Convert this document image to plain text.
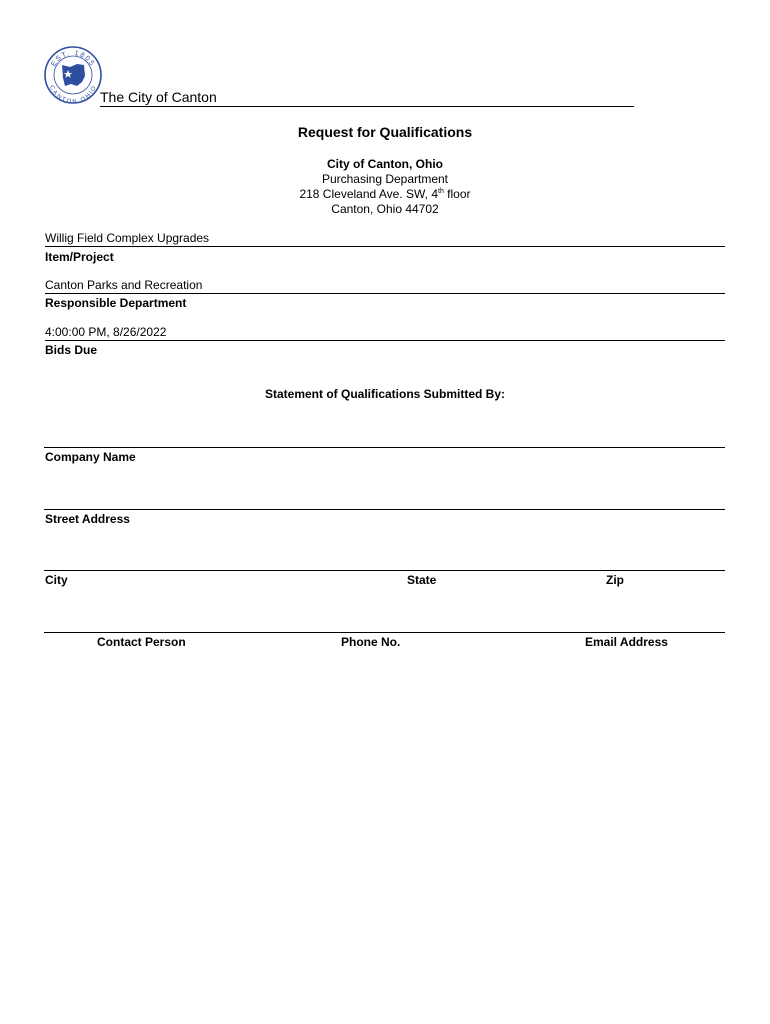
EST. 1805
CANTON OHIO
The City of Canton
Request for Qualifications
City of Canton, Ohio
Purchasing Department
218 Cleveland Ave. SW, 4th floor
Canton, Ohio 44702
Willig Field Complex Upgrades
Item/Project
Canton Parks and Recreation
Responsible Department
4:00:00 PM, 8/26/2022
Bids Due
Statement of Qualifications Submitted By:
Company Name
Street Address
City	State	Zip
Contact Person	Phone No.	Email Address
